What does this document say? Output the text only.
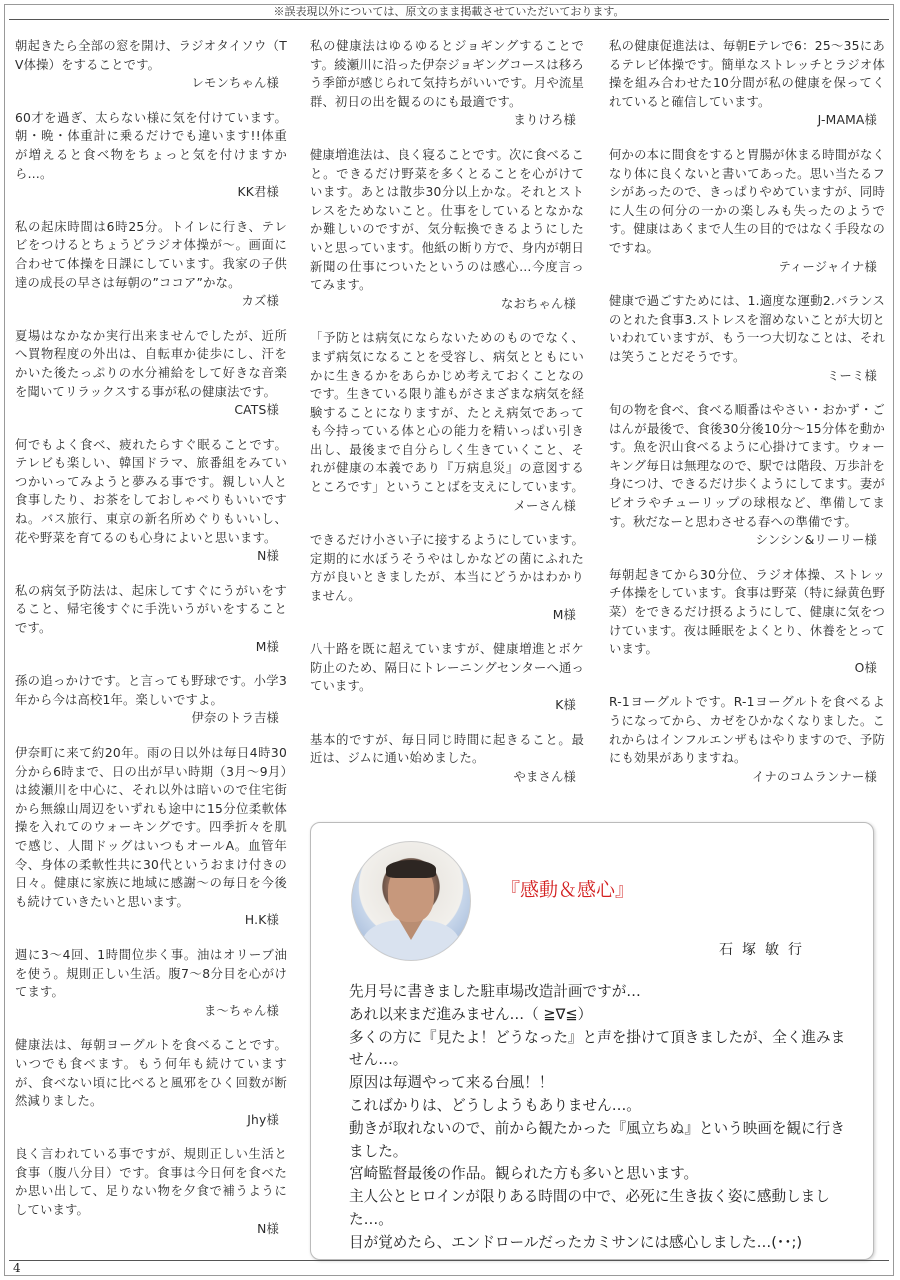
※誤表現以外については、原文のまま掲載させていただいております。

朝起きたら全部の窓を開け、ラジオタイソウ（TV体操）をすることです。

レモンちゃん様

60才を過ぎ、太らない様に気を付けています。朝・晩・体重計に乗るだけでも違います!!体重が増えると食べ物をちょっと気を付けますから…。

KK君様

私の起床時間は6時25分。トイレに行き、テレビをつけるとちょうどラジオ体操が～。画面に合わせて体操を日課にしています。我家の子供達の成長の早さは毎朝の”ココア”かな。

カズ様

夏場はなかなか実行出来ませんでしたが、近所へ買物程度の外出は、自転車か徒歩にし、汗をかいた後たっぷりの水分補給をして好きな音楽を聞いてリラックスする事が私の健康法です。

CATS様

何でもよく食べ、疲れたらすぐ眠ることです。テレビも楽しい、韓国ドラマ、旅番組をみていつかいってみようと夢みる事です。親しい人と食事したり、お茶をしておしゃべりもいいですね。バス旅行、東京の新名所めぐりもいいし、花や野菜を育てるのも心身によいと思います。

N様

私の病気予防法は、起床してすぐにうがいをすること、帰宅後すぐに手洗いうがいをすることです。

M様

孫の追っかけです。と言っても野球です。小学3年から今は高校1年。楽しいですよ。

伊奈のトラ吉様

伊奈町に来て約20年。雨の日以外は毎日4時30分から6時まで、日の出が早い時期（3月～9月）は綾瀬川を中心に、それ以外は暗いので住宅街から無線山周辺をいずれも途中に15分位柔軟体操を入れてのウォーキングです。四季折々を肌で感じ、人間ドッグはいつもオールA。血管年令、身体の柔軟性共に30代というおまけ付きの日々。健康に家族に地域に感謝～の毎日を今後も続けていきたいと思います。

H.K様

週に3～4回、1時間位歩く事。油はオリーブ油を使う。規則正しい生活。腹7～8分目を心がけてます。

ま～ちゃん様

健康法は、毎朝ヨーグルトを食べることです。いつでも食べます。もう何年も続けていますが、食べない頃に比べると風邪をひく回数が断然減りました。

Jhy様

良く言われている事ですが、規則正しい生活と食事（腹八分目）です。食事は今日何を食べたか思い出して、足りない物を夕食で補うようにしています。

N様

私の健康法はゆるゆるとジョギングすることです。綾瀬川に沿った伊奈ジョギングコースは移ろう季節が感じられて気持ちがいいです。月や流星群、初日の出を観るのにも最適です。

まりけろ様

健康増進法は、良く寝ることです。次に食べること。できるだけ野菜を多くとることを心がけています。あとは散歩30分以上かな。それとストレスをためないこと。仕事をしているとなかなか難しいのですが、気分転換できるようにしたいと思っています。他紙の断り方で、身内が朝日新聞の仕事についたというのは感心…今度言ってみます。

なおちゃん様

「予防とは病気にならないためのものでなく、まず病気になることを受容し、病気とともにいかに生きるかをあらかじめ考えておくことなのです。生きている限り誰もがさまざまな病気を経験することになりますが、たとえ病気であっても今持っている体と心の能力を精いっぱい引き出し、最後まで自分らしく生きていくこと、それが健康の本義であり『万病息災』の意図するところです」ということばを支えにしています。

メーさん様

できるだけ小さい子に接するようにしています。定期的に水ぼうそうやはしかなどの菌にふれた方が良いときましたが、本当にどうかはわかりません。

M様

八十路を既に超えていますが、健康増進とボケ防止のため、隔日にトレーニングセンターへ通っています。

K様

基本的ですが、毎日同じ時間に起きること。最近は、ジムに通い始めました。

やまさん様

私の健康促進法は、毎朝Eテレで6：25～35にあるテレビ体操です。簡単なストレッチとラジオ体操を組み合わせた10分間が私の健康を保ってくれていると確信しています。

J-MAMA様

何かの本に間食をすると胃腸が休まる時間がなくなり体に良くないと書いてあった。思い当たるフシがあったので、きっぱりやめていますが、同時に人生の何分の一かの楽しみも失ったのようです。健康はあくまで人生の目的ではなく手段なのですね。

ティージャイナ様

健康で過ごすためには、1.適度な運動2.バランスのとれた食事3.ストレスを溜めないことが大切といわれていますが、もう一つ大切なことは、それは笑うことだそうです。

ミーミ様

旬の物を食べ、食べる順番はやさい・おかず・ごはんが最後で、食後30分後10分～15分体を動かす。魚を沢山食べるように心掛けてます。ウォーキング毎日は無理なので、駅では階段、万歩計を身につけ、できるだけ歩くようにしてます。妻がビオラやチューリップの球根など、準備してます。秋だなーと思わさせる春への準備です。

シンシン&リーリー様

毎朝起きてから30分位、ラジオ体操、ストレッチ体操をしています。食事は野菜（特に緑黄色野菜）をできるだけ摂るようにして、健康に気をつけています。夜は睡眠をよくとり、休養をとっています。

O様

R-1ヨーグルトです。R-1ヨーグルトを食べるようになってから、カゼをひかなくなりました。これからはインフルエンザもはやりますので、予防にも効果がありますね。

イナのコムランナー様

『感動＆感心』
石塚敏行
先月号に書きました駐車場改造計画ですが…
あれ以来まだ進みません…（ ≧∇≦）
多くの方に『見たよ！どうなった』と声を掛けて頂きましたが、全く進みません…。
原因は毎週やって来る台風！！
こればかりは、どうしようもありません…。
動きが取れないので、前から観たかった『風立ちぬ』という映画を観に行きました。
宮崎監督最後の作品。観られた方も多いと思います。
主人公とヒロインが限りある時間の中で、必死に生き抜く姿に感動しました…。
目が覚めたら、エンドロールだったカミサンには感心しました…(･･;)
4
